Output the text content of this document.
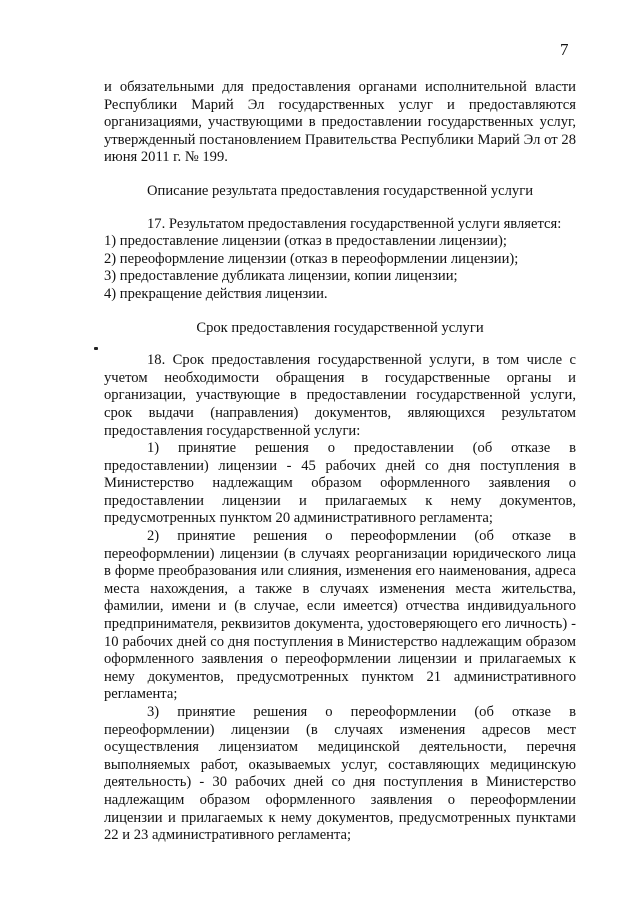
7

и обязательными для предоставления органами исполнительной власти Республики Марий Эл государственных услуг и предоставляются организациями, участвующими в предоставлении государственных услуг, утвержденный постановлением Правительства Республики Марий Эл от 28 июня 2011 г. № 199.

Описание результата предоставления государственной услуги

17. Результатом предоставления государственной услуги является:

1) предоставление лицензии (отказ в предоставлении лицензии);

2) переоформление лицензии (отказ в переоформлении лицензии);

3) предоставление дубликата лицензии, копии лицензии;

4) прекращение действия лицензии.

Срок предоставления государственной услуги

18. Срок предоставления государственной услуги, в том числе с учетом необходимости обращения в государственные органы и организации, участвующие в предоставлении государственной услуги, срок выдачи (направления) документов, являющихся результатом предоставления государственной услуги:

1) принятие решения о предоставлении (об отказе в предоставлении) лицензии - 45 рабочих дней со дня поступления в Министерство надлежащим образом оформленного заявления о предоставлении лицензии и прилагаемых к нему документов, предусмотренных пунктом 20 административного регламента;

2) принятие решения о переоформлении (об отказе в переоформлении) лицензии (в случаях реорганизации юридического лица в форме преобразования или слияния, изменения его наименования, адреса места нахождения, а также в случаях изменения места жительства, фамилии, имени и (в случае, если имеется) отчества индивидуального предпринимателя, реквизитов документа, удостоверяющего его личность) - 10 рабочих дней со дня поступления в Министерство надлежащим образом оформленного заявления о переоформлении лицензии и прилагаемых к нему документов, предусмотренных пунктом 21 административного регламента;

3) принятие решения о переоформлении (об отказе в переоформлении) лицензии (в случаях изменения адресов мест осуществления лицензиатом медицинской деятельности, перечня выполняемых работ, оказываемых услуг, составляющих медицинскую деятельность) - 30 рабочих дней со дня поступления в Министерство надлежащим образом оформленного заявления о переоформлении лицензии и прилагаемых к нему документов, предусмотренных пунктами 22 и 23 административного регламента;
